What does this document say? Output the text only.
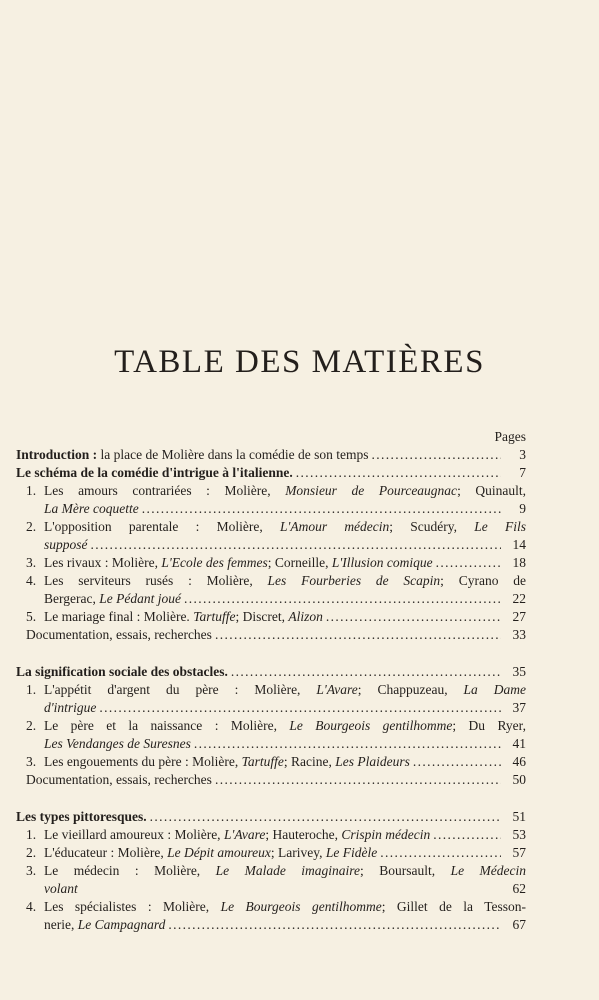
TABLE DES MATIÈRES
Pages
Introduction : la place de Molière dans la comédie de son temps . . .	3
Le schéma de la comédie d'intrigue à l'italienne. . . .	7
1. Les amours contrariées : Molière, Monsieur de Pourceaugnac; Quinault,
La Mère coquette . . .	9
2. L'opposition parentale : Molière, L'Amour médecin; Scudéry, Le Fils
supposé . . .	14
3. Les rivaux : Molière, L'Ecole des femmes; Corneille, L'Illusion comique . . .	18
4. Les serviteurs rusés : Molière, Les Fourberies de Scapin; Cyrano de
Bergerac, Le Pédant joué . . .	22
5. Le mariage final : Molière. Tartuffe; Discret, Alizon . . .	27
Documentation, essais, recherches . . .	33
La signification sociale des obstacles. . . .	35
1. L'appétit d'argent du père : Molière, L'Avare; Chappuzeau, La Dame
d'intrigue . . .	37
2. Le père et la naissance : Molière, Le Bourgeois gentilhomme; Du Ryer,
Les Vendanges de Suresnes . . .	41
3. Les engouements du père : Molière, Tartuffe; Racine, Les Plaideurs . . .	46
Documentation, essais, recherches . . .	50
Les types pittoresques. . . .	51
1. Le vieillard amoureux : Molière, L'Avare; Hauteroche, Crispin médecin . . .	53
2. L'éducateur : Molière, Le Dépit amoureux; Larivey, Le Fidèle . . .	57
3. Le médecin : Molière, Le Malade imaginaire; Boursault, Le Médecin
volant	62
4. Les spécialistes : Molière, Le Bourgeois gentilhomme; Gillet de la Tesson-
nerie, Le Campagnard . . .	67
